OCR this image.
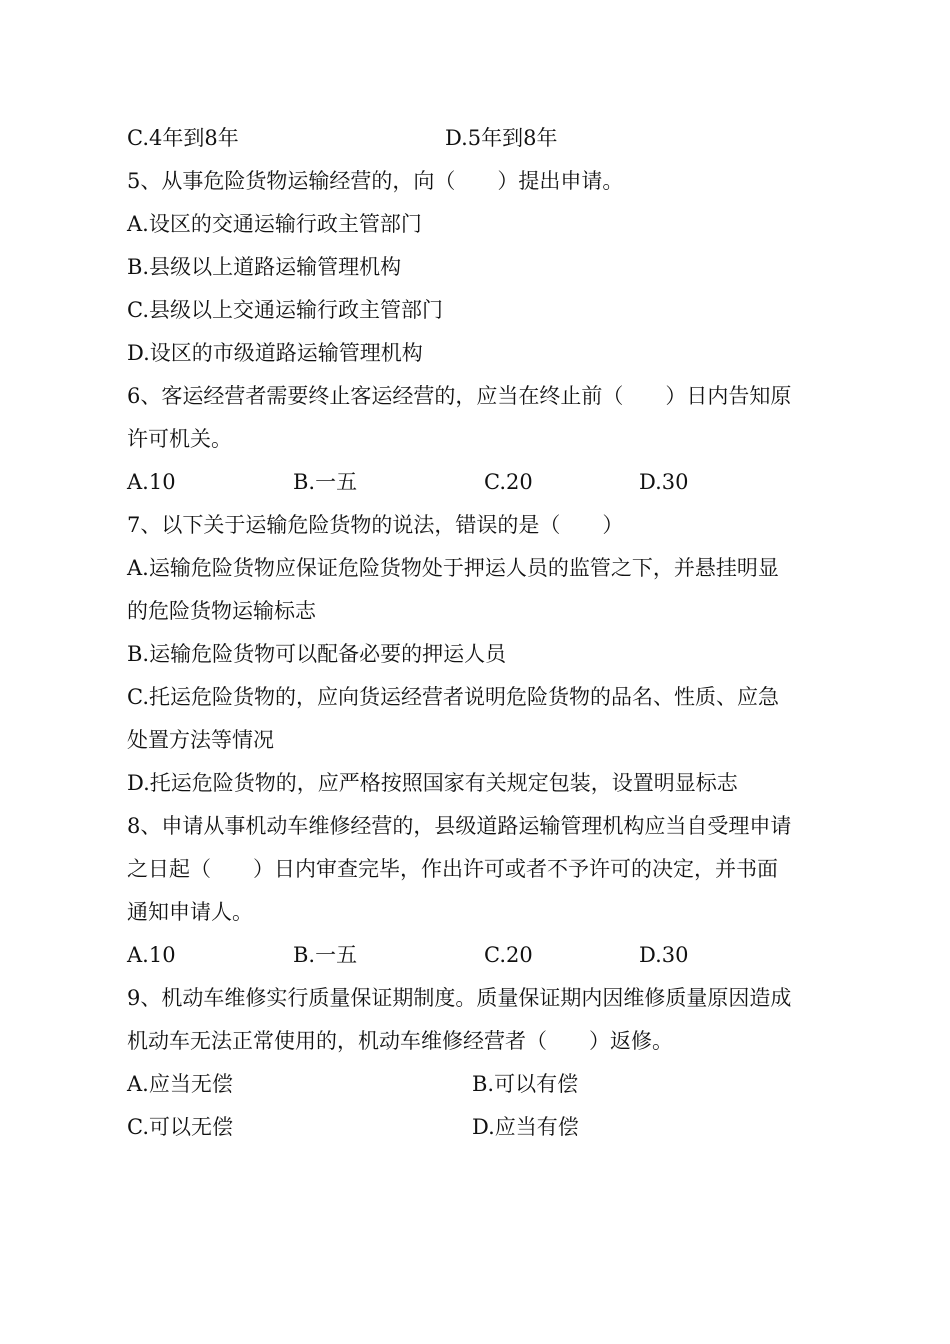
C.4年到8年	D.5年到8年
5、从事危险货物运输经营的，向（　　）提出申请。
A.设区的交通运输行政主管部门
B.县级以上道路运输管理机构
C.县级以上交通运输行政主管部门
D.设区的市级道路运输管理机构
6、客运经营者需要终止客运经营的，应当在终止前（　　）日内告知原
许可机关。
A.10	B.一五	C.20	D.30
7、以下关于运输危险货物的说法，错误的是（　　）
A.运输危险货物应保证危险货物处于押运人员的监管之下，并悬挂明显
的危险货物运输标志
B.运输危险货物可以配备必要的押运人员
C.托运危险货物的，应向货运经营者说明危险货物的品名、性质、应急
处置方法等情况
D.托运危险货物的，应严格按照国家有关规定包装，设置明显标志
8、申请从事机动车维修经营的，县级道路运输管理机构应当自受理申请
之日起（　　）日内审查完毕，作出许可或者不予许可的决定，并书面
通知申请人。
A.10	B.一五	C.20	D.30
9、机动车维修实行质量保证期制度。质量保证期内因维修质量原因造成
机动车无法正常使用的，机动车维修经营者（　　）返修。
A.应当无偿	B.可以有偿
C.可以无偿	D.应当有偿
